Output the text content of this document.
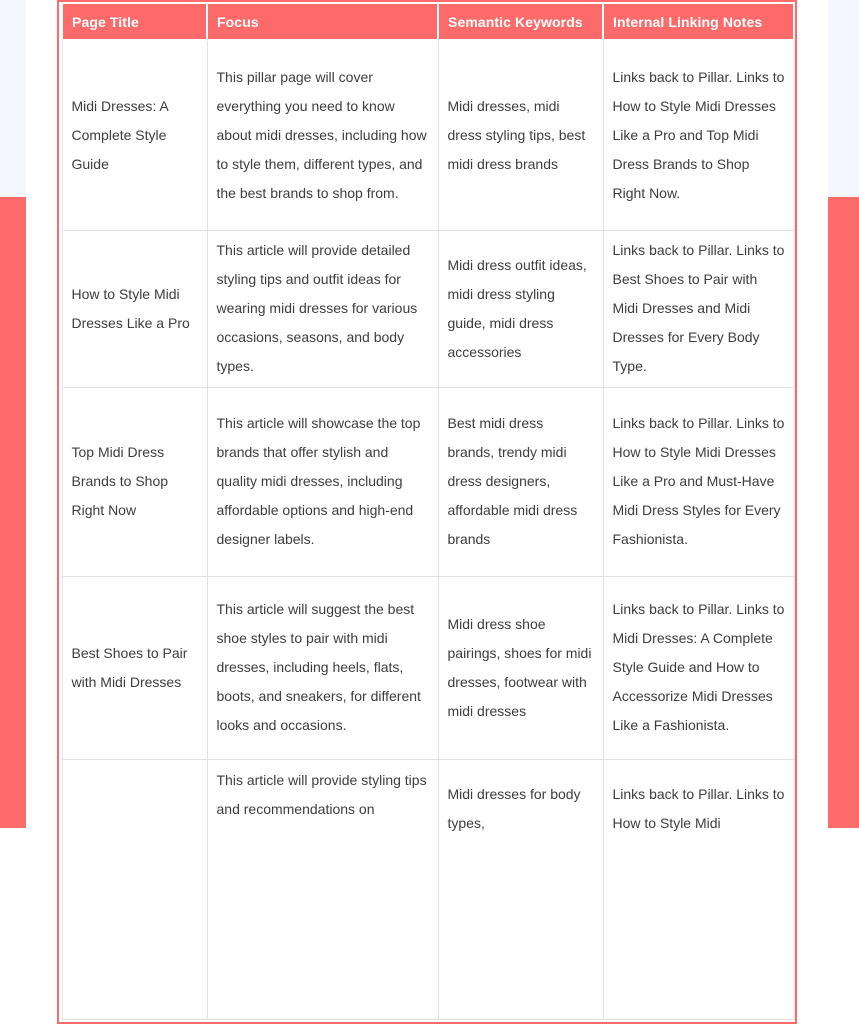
Page Title	Focus	Semantic Keywords	Internal Linking Notes
Midi Dresses: A Complete Style Guide	This pillar page will cover everything you need to know about midi dresses, including how to style them, different types, and the best brands to shop from.	Midi dresses, midi dress styling tips, best midi dress brands	Links back to Pillar. Links to How to Style Midi Dresses Like a Pro and Top Midi Dress Brands to Shop Right Now.
How to Style Midi Dresses Like a Pro	This article will provide detailed styling tips and outfit ideas for wearing midi dresses for various occasions, seasons, and body types.	Midi dress outfit ideas, midi dress styling guide, midi dress accessories	Links back to Pillar. Links to Best Shoes to Pair with Midi Dresses and Midi Dresses for Every Body Type.
Top Midi Dress Brands to Shop Right Now	This article will showcase the top brands that offer stylish and quality midi dresses, including affordable options and high-end designer labels.	Best midi dress brands, trendy midi dress designers, affordable midi dress brands	Links back to Pillar. Links to How to Style Midi Dresses Like a Pro and Must-Have Midi Dress Styles for Every Fashionista.
Best Shoes to Pair with Midi Dresses	This article will suggest the best shoe styles to pair with midi dresses, including heels, flats, boots, and sneakers, for different looks and occasions.	Midi dress shoe pairings, shoes for midi dresses, footwear with midi dresses	Links back to Pillar. Links to Midi Dresses: A Complete Style Guide and How to Accessorize Midi Dresses Like a Fashionista.
	This article will provide styling tips and recommendations on	Midi dresses for body types,	Links back to Pillar. Links to How to Style Midi
